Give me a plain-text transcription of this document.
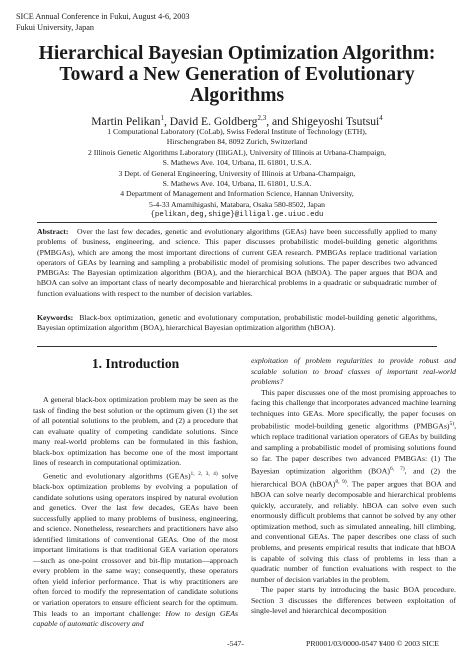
SICE Annual Conference in Fukui, August 4-6, 2003
Fukui University, Japan
Hierarchical Bayesian Optimization Algorithm:
Toward a New Generation of Evolutionary
Algorithms
Martin Pelikan$^1$, David E. Goldberg$^{2,3}$, and Shigeyoshi Tsutsui$^4$
1 Computational Laboratory (CoLab), Swiss Federal Institute of Technology (ETH),
Hirschengraben 84, 8092 Zurich, Switzerland
2 Illinois Genetic Algorithms Laboratory (IlliGAL), University of Illinois at Urbana-Champaign,
S. Mathews Ave. 104, Urbana, IL 61801, U.S.A.
3 Dept. of General Engineering, University of Illinois at Urbana-Champaign,
S. Mathews Ave. 104, Urbana, IL 61801, U.S.A.
4 Department of Management and Information Science, Hannan University,
5-4-33 Amamihigashi, Matabara, Osaka 580-8502, Japan
{pelikan,deg,shige}@illigal.ge.uiuc.edu
Abstract: Over the last few decades, genetic and evolutionary algorithms (GEAs) have been successfully applied to many problems of business, engineering, and science. This paper discusses probabilistic model-building genetic algorithms (PMBGAs), which are among the most important directions of current GEA research. PMBGAs replace traditional variation operators of GEAs by learning and sampling a probabilistic model of promising solutions. The paper describes two advanced PMBGAs: The Bayesian optimization algorithm (BOA), and the hierarchical BOA (hBOA). The paper argues that BOA and hBOA can solve an important class of nearly decomposable and hierarchical problems in a quadratic or subquadratic number of function evaluations with respect to the number of decision variables.
Keywords: Black-box optimization, genetic and evolutionary computation, probabilistic model-building genetic algorithms, Bayesian optimization algorithm (BOA), hierarchical Bayesian optimization algorithm (hBOA).
1. Introduction

A general black-box optimization problem may be seen as the task of finding the best solution or the optimum given (1) the set of all potential solutions to the problem, and (2) a procedure that can evaluate quality of competing candidate solutions. Since many real-world problems can be formulated in this fashion, black-box optimization has become one of the most important lines of research in computational optimization.

Genetic and evolutionary algorithms (GEAs)$^{1, 2, 3, 4)}$ solve black-box optimization problems by evolving a population of candidate solutions using operators inspired by natural evolution and genetics. Over the last few decades, GEAs have been successfully applied to many problems of business, engineering, and science. Nonetheless, researchers and practitioners have also identified limitations of conventional GEAs. One of the most important limitations is that traditional GEA variation operators—such as one-point crossover and bit-flip mutation—approach every problem in the same way; consequently, these operators often yield inferior performance. That is why practitioners are often forced to modify the representation of candidate solutions or variation operators to ensure efficient search for the optimum. This leads to an important challenge: How to design GEAs capable of automatic discovery and

exploitation of problem regularities to provide robust and scalable solution to broad classes of important real-world problems?

This paper discusses one of the most promising approaches to facing this challenge that incorporates advanced machine learning techniques into GEAs. More specifically, the paper focuses on probabilistic model-building genetic algorithms (PMBGAs)$^{5)}$, which replace traditional variation operators of GEAs by building and sampling a probabilistic model of promising solutions found so far. The paper describes two advanced PMBGAs: (1) The Bayesian optimization algorithm (BOA)$^{6, 7)}$, and (2) the hierarchical BOA (hBOA)$^{8, 9)}$. The paper argues that BOA and hBOA can solve nearly decomposable and hierarchical problems quickly, accurately, and reliably. hBOA can solve even such enormously difficult problems that cannot be solved by any other optimization method, such as simulated annealing, hill climbing, and conventional GEAs. The paper describes one class of such problems, and presents empirical results that indicate that hBOA is capable of solving this class of problems in less than a quadratic number of function evaluations with respect to the number of decision variables in the problem.

The paper starts by introducing the basic BOA procedure. Section 3 discusses the differences between exploitation of single-level and hierarchical decomposition

-547-	PR0001/03/0000-0547 ¥400 © 2003 SICE
